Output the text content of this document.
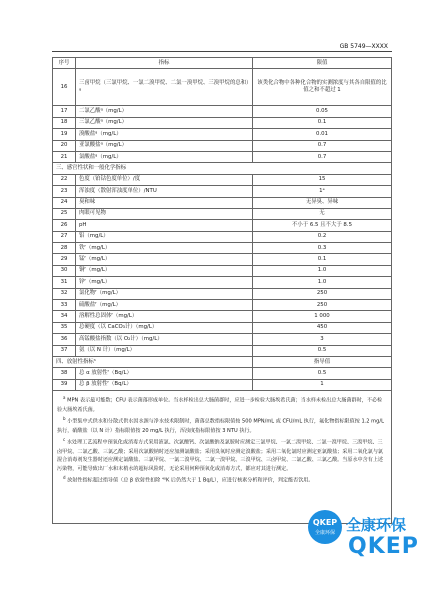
GB 5749—XXXX
序号	指标	限值
16	三卤甲烷（三氯甲烷、一氯二溴甲烷、二氯一溴甲烷、三溴甲烷的总和）ᵍ	该类化合物中各种化合物的实测浓度与其各自限值的比值之和不超过 1
17	二氯乙酸ᵍ（mg/L）	0.05
18	三氯乙酸ᵍ（mg/L）	0.1
19	溴酸盐ᵍ（mg/L）	0.01
20	亚氯酸盐ᵍ（mg/L）	0.7
21	氯酸盐ᵍ（mg/L）	0.7
三、感官性状和一般化学指标		
22	色度（铂钴色度单位）/度	15
23	浑浊度（散射浑浊度单位）/NTU	1ᵉ
24	臭和味	无异臭、异味
25	肉眼可见物	无
26	pH	不小于 6.5 且不大于 8.5
27	铝（mg/L）	0.2
28	铁ᶠ（mg/L）	0.3
29	锰ᶠ（mg/L）	0.1
30	铜ᶠ（mg/L）	1.0
31	锌ᶠ（mg/L）	1.0
32	氯化物ᶠ（mg/L）	250
33	硫酸盐ᶠ（mg/L）	250
34	溶解性总固体ᶠ（mg/L）	1 000
35	总硬度（以 CaCO₃计）（mg/L）	450
36	高锰酸盐指数（以 O₂计）（mg/L）	3
37	氨（以 N 计）（mg/L）	0.5
四、放射性指标ʰ		指导值
38	总 α 放射性ᶠ（Bq/L）	0.5
39	总 β 放射性ᶠ（Bq/L）	1

$^a$ MPN 表示最可能数；CFU 表示菌落形成单位。当水样检出总大肠菌群时，应进一步检验大肠埃希氏菌；当水样未检出总大肠菌群时，不必检验大肠埃希氏菌。

$^b$ 小型集中式供水和分散式供水因水源与净水技术限制时，菌落总数指标限值按 500 MPN/mL 或 CFU/mL 执行，氟化物指标限值按 1.2 mg/L 执行，硝酸盐（以 N 计）指标限值按 20 mg/L 执行，浑浊度指标限值按 3 NTU 执行。

$^c$ 水处理工艺流程中预氧化或消毒方式采用液氯、次氯酸钙、次氯酸钠及氯胺时应测定三氯甲烷、一氯二溴甲烷、二氯一溴甲烷、三溴甲烷、三卤甲烷、二氯乙酸、三氯乙酸；采用次氯酸钠时还应加测氯酸盐；采用臭氧时应测定溴酸盐；采用二氧化氯时应测定亚氯酸盐；采用二氧化氯与氯混合消毒剂发生器时还应测定氯酸盐、三氯甲烷、一氯二溴甲烷、二氯一溴甲烷、三溴甲烷、三卤甲烷、二氯乙酸、三氯乙酸。当原水中含有上述污染物，可能导致出厂水和末梢水的超标风险时，无论采用何种预氧化或消毒方式，都应对其进行测定。

$^d$ 放射性指标超过指导值（总 β 放射性扣除 ⁴⁰K 后仍然大于 1 Bq/L），应进行核素分析和评价，判定能否饮用。		

QKEP
全康环保 全康环保
QKEP
